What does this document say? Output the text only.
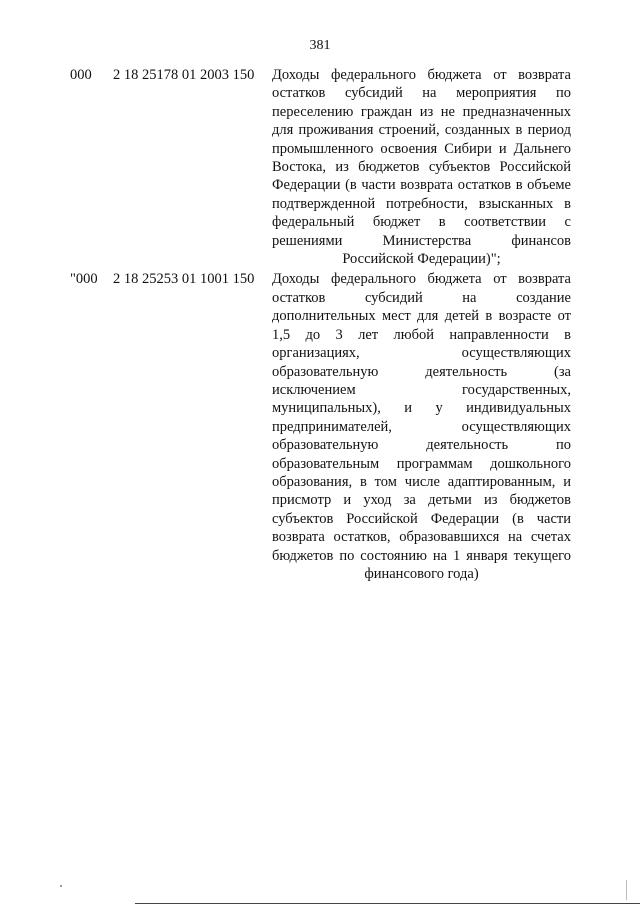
381
000 2 18 25178 01 2003 150 Доходы федерального бюджета от возврата
остатков субсидий на мероприятия по
переселению граждан из не предназначенных
для проживания строений, созданных в период
промышленного освоения Сибири и Дальнего
Востока, из бюджетов субъектов Российской
Федерации (в части возврата остатков в объеме
подтвержденной потребности, взысканных в
федеральный бюджет в соответствии с
решениями Министерства финансов
Российской Федерации)";
"000 2 18 25253 01 1001 150 Доходы федерального бюджета от возврата
остатков субсидий на создание
дополнительных мест для детей в возрасте от
1,5 до 3 лет любой направленности в
организациях, осуществляющих
образовательную деятельность (за
исключением государственных,
муниципальных), и у индивидуальных
предпринимателей, осуществляющих
образовательную деятельность по
образовательным программам дошкольного
образования, в том числе адаптированным, и
присмотр и уход за детьми из бюджетов
субъектов Российской Федерации (в части
возврата остатков, образовавшихся на счетах
бюджетов по состоянию на 1 января текущего
финансового года)
